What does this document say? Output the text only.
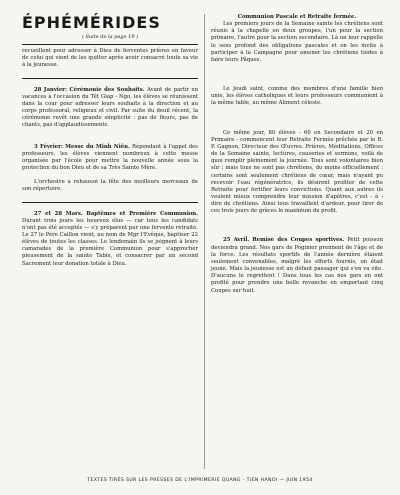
ÉPHÉMÉRIDES
( Suite de la page 19 )

recueillent pour adresser à Dieu de ferventes prières en faveur de celui qui vient de les quitter après avoir consacré toute sa vie à la jeunesse.

28 Janvier: Cérémonie des Souhaits. Avant de partir en vacances à l'occasion du Têt Giap - Ngo, les élèves se réunissent dans la cour pour adresser leurs souhaits à la direction et au corps professoral, religieux et civil. Par suite du deuil récent, la cérémonie revêt une grande simplicité : pas de fleurs, pas de chants, pas d'applaudissements.

3 Février: Messe du Minh Niên. Répondant à l'appel des professeurs, les élèves viennent nombreux à cette messe organisée par l'école pour mettre la nouvelle année sous la protection du bon Dieu et de sa Très Sainte Mère.

L'orchestre a rehaussé la fête des meilleurs morceaux de son répertoire.

27 et 28 Mars. Baptêmes et Première Communion. Durant trois jours les heureux élus — car tous les candidats n'ont pas été acceptés — s'y préparent par une fervente retraite. Le 27 le Père Caillon vient, au nom de Mgr l'Evêque, baptiser 22 élèves de toutes les classes. Le lendemain ils se joignent à leurs camarades de la première Communion pour s'approcher pieusement de la sainte Table, et consacrer par un second Sacrement leur donation totale à Dieu.

Communion Pascale et Retraite fermée.

Les premiers jours de la Semaine sainte les chrétiens sont réunis à la chapelle en deux groupes, l'un pour la section primaire, l'autre pour la section secondaire. Là on leur rappelle le sens profond des obligations pascales et on les invite à participer à la Campagne pour amener les chrétiens tièdes à faire leurs Pâques.

Le Jeudi saint, comme des membres d'une famille bien unie, les élèves catholiques et leurs professeurs communient à la même table, au même Aliment céleste.

Ce même jour, 80 élèves - 60 en Secondaire et 20 en Primaire - commencent leur Retraite Fermée prêchée par le R. P. Gagnon, Directeur des Œuvres. Prières, Méditations, Offices de la Semaine sainte, lectures, causeries et sermons, voilà de quoi remplir pleinement la journée. Tous sont volontaires bien sûr ; mais tous ne sont pas chrétiens, du moins officiellement : certains sont seulement chrétiens de cœur, mais n'ayant pu recevoir l'eau régénératrice, ils désirent profiter de cette Retraite pour fortifier leurs convictions. Quant aux autres ils veulent mieux comprendre leur mission d'apôtres, c'est - à - dire de chrétiens. Ainsi tous travaillent d'ardeur, pour tirer de ces trois jours de grâces le maximum de profit.

25 Avril. Remise des Coupes sportives. Petit poisson deviendra grand. Nos gars de Poginier prennent de l'âge et de la force. Les résultats sportifs de l'année dernière étaient seulement convenables, malgré les efforts fournis, on était jeune. Mais la jeunesse est un défaut passager qui s'en va vite. D'aucuns le regrettent ! Dans tous les cas nos gars en ont profité pour prendre une belle revanche en emportant cinq Coupes sur huit.

TEXTES TIRÉS SUR LES PRESSES DE L'IMPRIMERIE QUANG - TIEN HANOI — JUIN 1954
